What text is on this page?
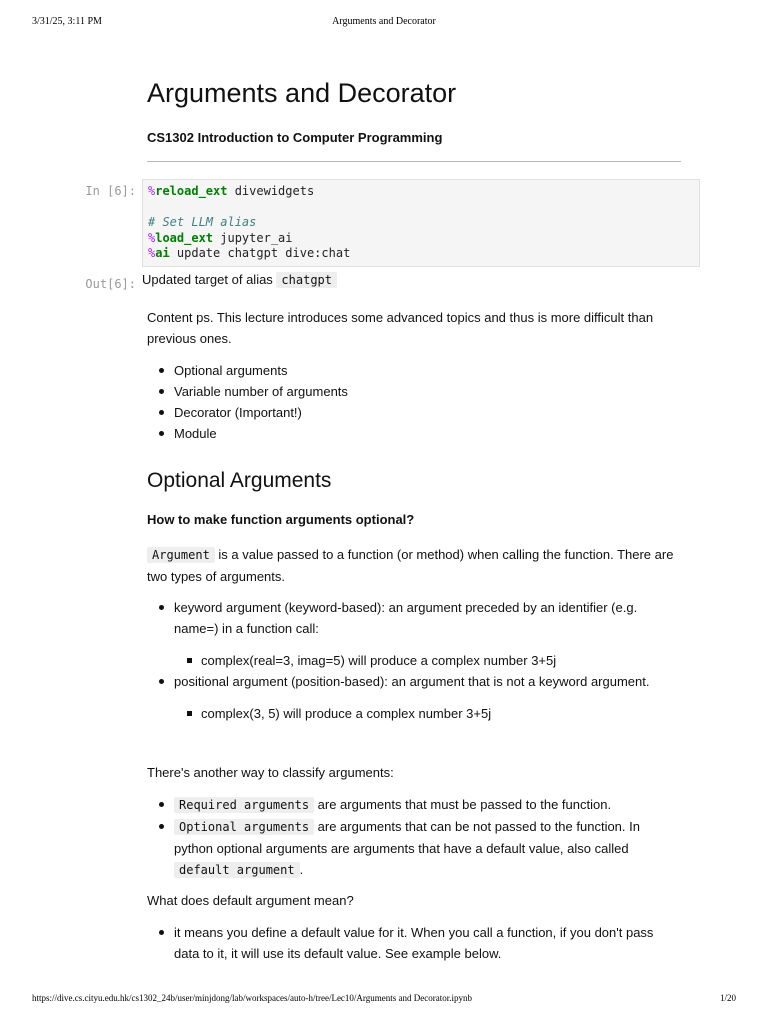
3/31/25, 3:11 PM	Arguments and Decorator
Arguments and Decorator
CS1302 Introduction to Computer Programming
In [6]: %reload_ext divewidgets
# Set LLM alias
%load_ext jupyter_ai
%ai update chatgpt dive:chat
Out[6]: Updated target of alias chatgpt
Content ps. This lecture introduces some advanced topics and thus is more difficult than previous ones.
Optional arguments
Variable number of arguments
Decorator (Important!)
Module
Optional Arguments
How to make function arguments optional?
Argument is a value passed to a function (or method) when calling the function. There are two types of arguments.
keyword argument (keyword-based): an argument preceded by an identifier (e.g. name=) in a function call:
complex(real=3, imag=5) will produce a complex number 3+5j
positional argument (position-based): an argument that is not a keyword argument.
complex(3, 5) will produce a complex number 3+5j
There's another way to classify arguments:
Required arguments are arguments that must be passed to the function.
Optional arguments are arguments that can be not passed to the function. In python optional arguments are arguments that have a default value, also called default argument .
What does default argument mean?
it means you define a default value for it. When you call a function, if you don't pass data to it, it will use its default value. See example below.
https://dive.cs.cityu.edu.hk/cs1302_24b/user/minjdong/lab/workspaces/auto-h/tree/Lec10/Arguments and Decorator.ipynb	1/20
